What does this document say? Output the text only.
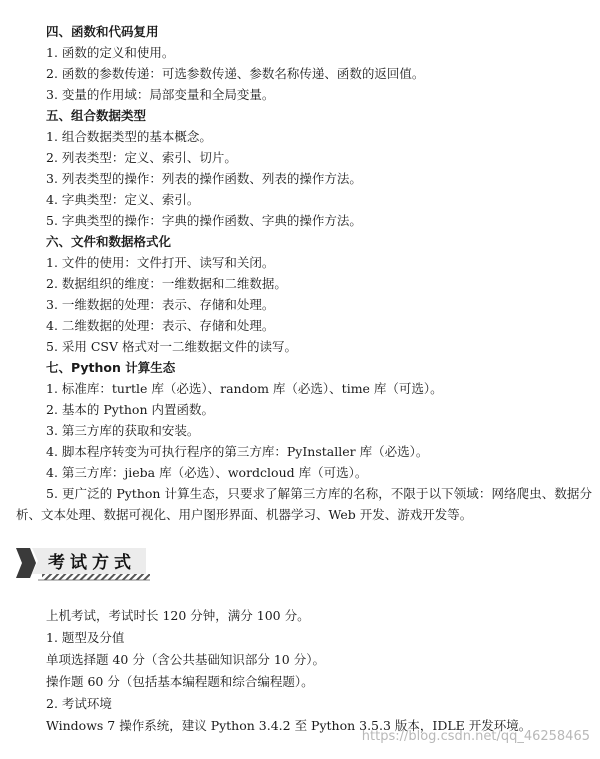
四、函数和代码复用
1. 函数的定义和使用。
2. 函数的参数传递：可选参数传递、参数名称传递、函数的返回值。
3. 变量的作用域：局部变量和全局变量。
五、组合数据类型
1. 组合数据类型的基本概念。
2. 列表类型：定义、索引、切片。
3. 列表类型的操作：列表的操作函数、列表的操作方法。
4. 字典类型：定义、索引。
5. 字典类型的操作：字典的操作函数、字典的操作方法。
六、文件和数据格式化
1. 文件的使用：文件打开、读写和关闭。
2. 数据组织的维度：一维数据和二维数据。
3. 一维数据的处理：表示、存储和处理。
4. 二维数据的处理：表示、存储和处理。
5. 采用 CSV 格式对一二维数据文件的读写。
七、Python 计算生态
1. 标准库：turtle 库（必选）、random 库（必选）、time 库（可选）。
2. 基本的 Python 内置函数。
3. 第三方库的获取和安装。
4. 脚本程序转变为可执行程序的第三方库：PyInstaller 库（必选）。
4. 第三方库：jieba 库（必选）、wordcloud 库（可选）。
5. 更广泛的 Python 计算生态，只要求了解第三方库的名称，不限于以下领域：网络爬虫、数据分析、文本处理、数据可视化、用户图形界面、机器学习、Web 开发、游戏开发等。
考试方式
上机考试，考试时长 120 分钟，满分 100 分。
1. 题型及分值
单项选择题 40 分（含公共基础知识部分 10 分）。
操作题 60 分（包括基本编程题和综合编程题）。
2. 考试环境
Windows 7 操作系统，建议 Python 3.4.2 至 Python 3.5.3 版本，IDLE 开发环境。
https://blog.csdn.net/qq_46258465
